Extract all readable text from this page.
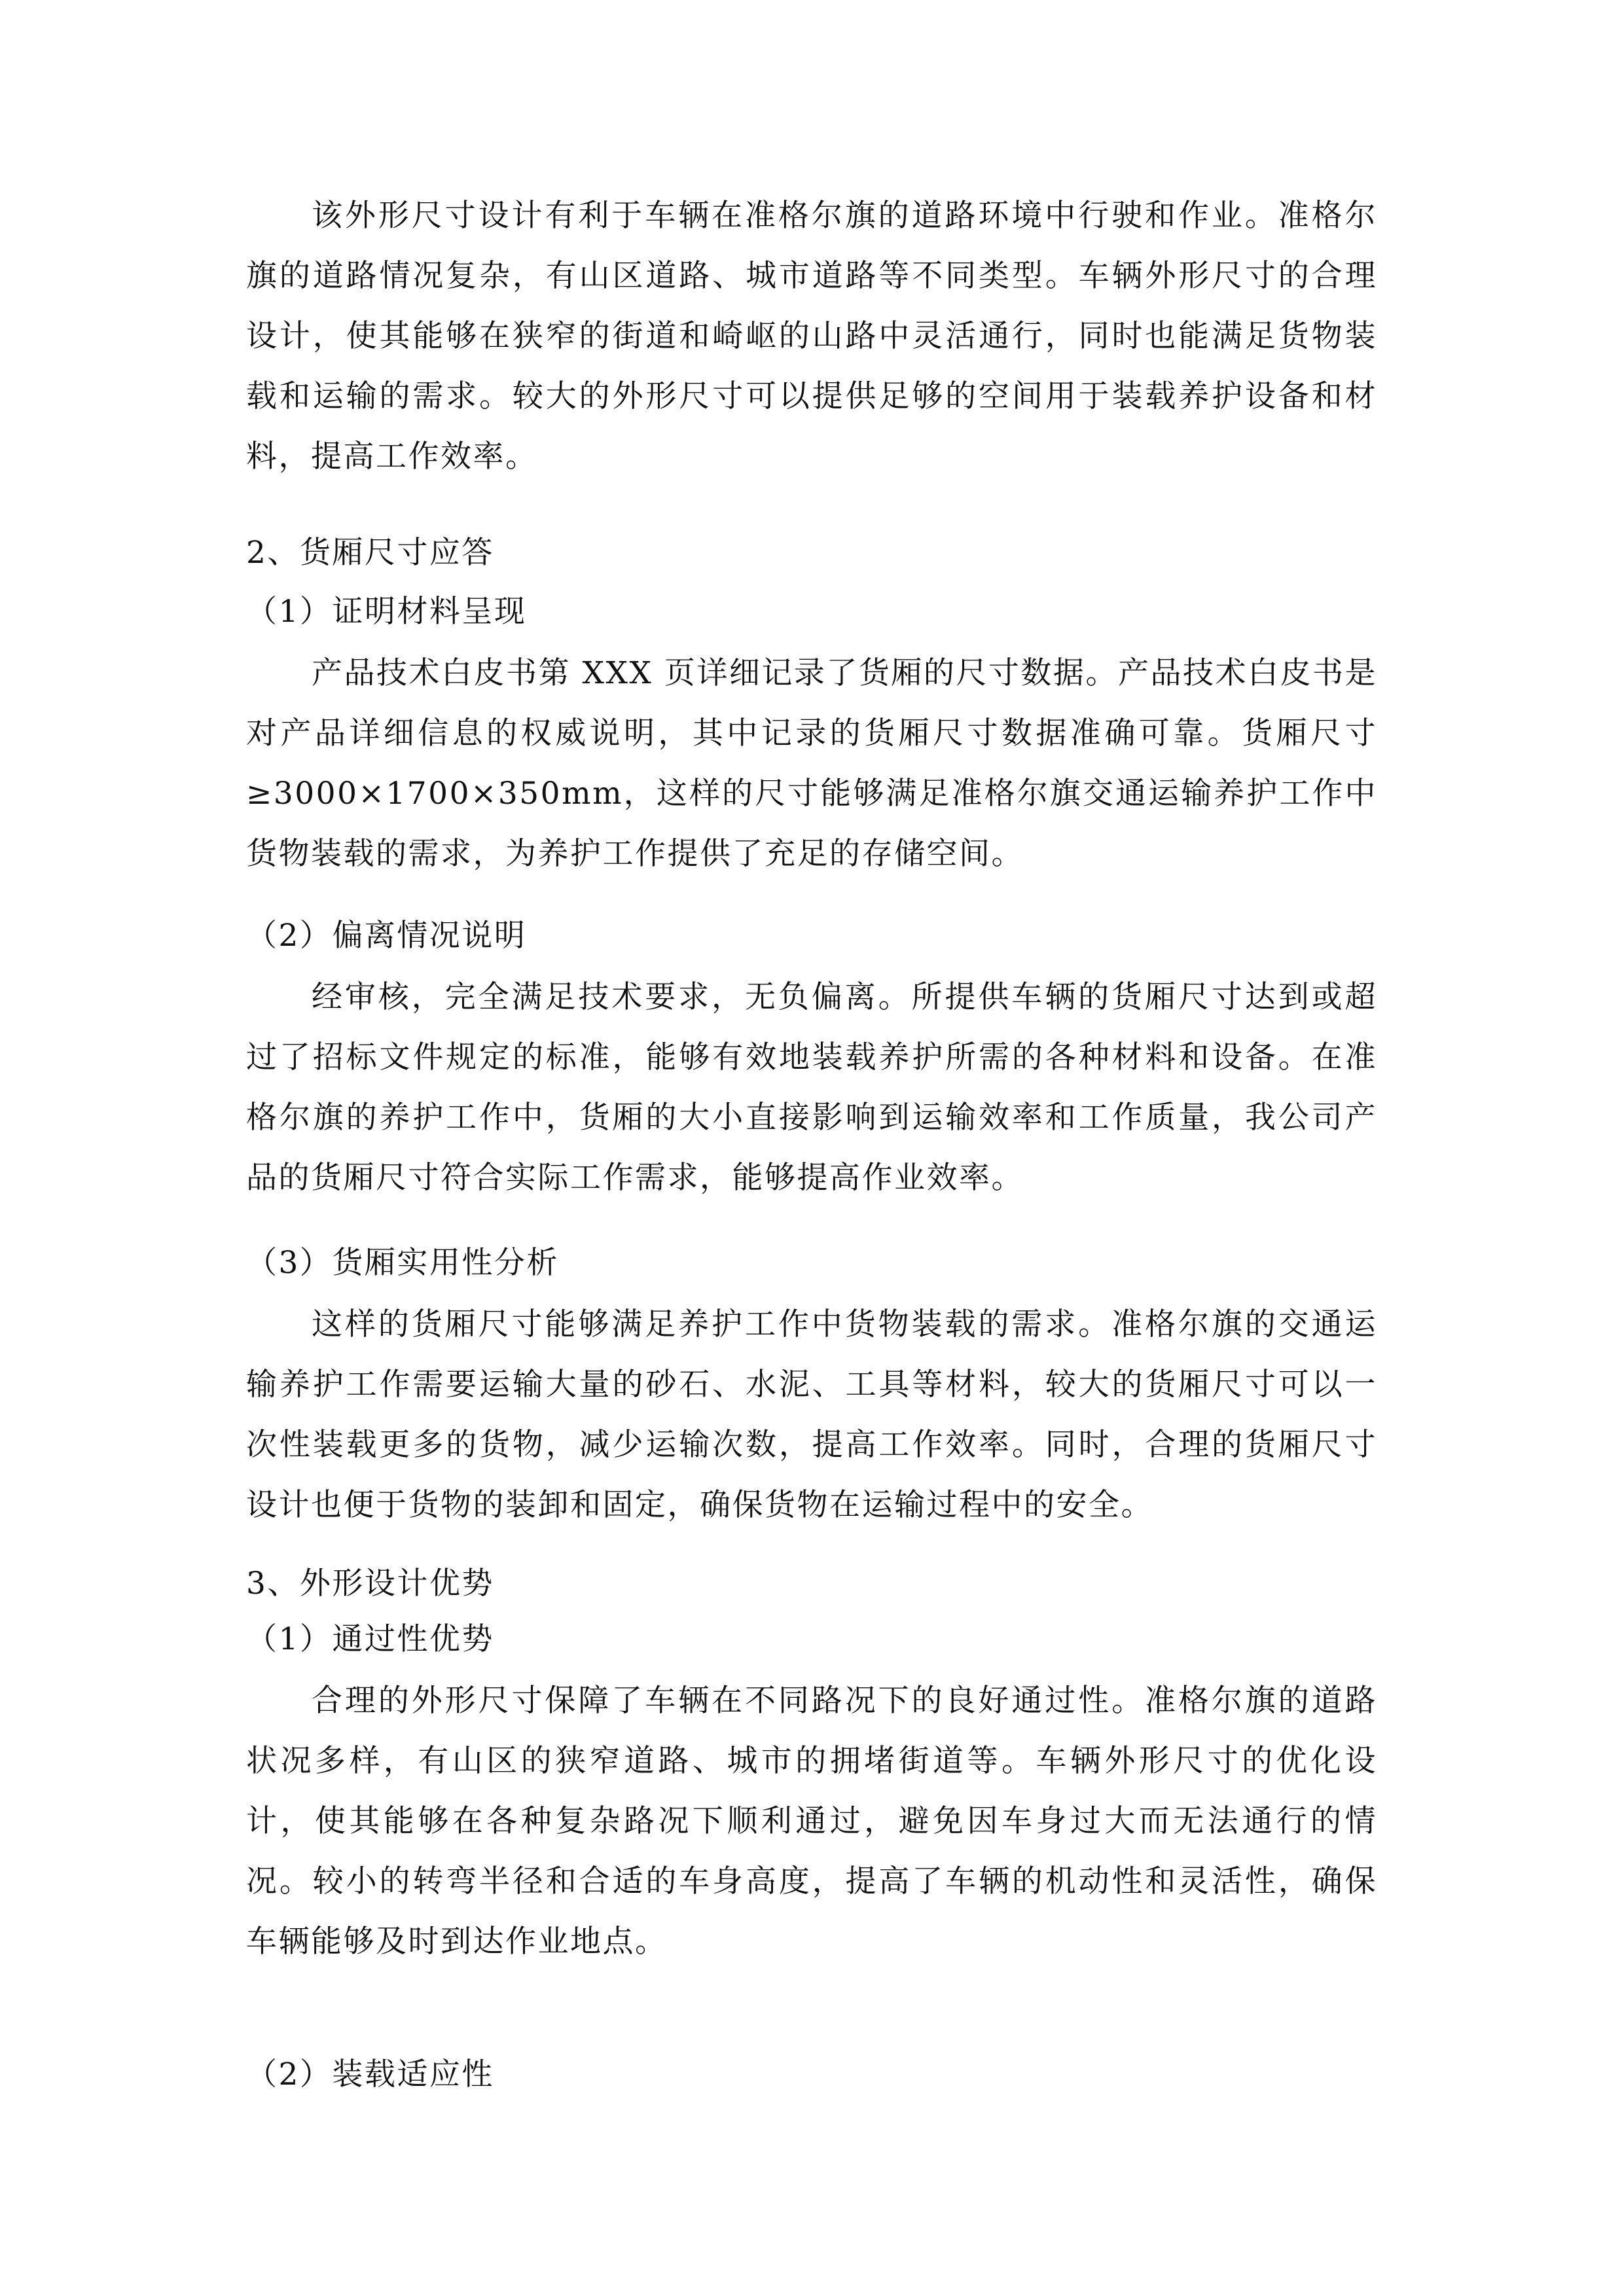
该外形尺寸设计有利于车辆在准格尔旗的道路环境中行驶和作业。准格尔旗的道路情况复杂，有山区道路、城市道路等不同类型。车辆外形尺寸的合理设计，使其能够在狭窄的街道和崎岖的山路中灵活通行，同时也能满足货物装载和运输的需求。较大的外形尺寸可以提供足够的空间用于装载养护设备和材料，提高工作效率。

2、货厢尺寸应答

（1）证明材料呈现

产品技术白皮书第 XXX 页详细记录了货厢的尺寸数据。产品技术白皮书是对产品详细信息的权威说明，其中记录的货厢尺寸数据准确可靠。货厢尺寸≥3000×1700×350mm，这样的尺寸能够满足准格尔旗交通运输养护工作中货物装载的需求，为养护工作提供了充足的存储空间。

（2）偏离情况说明

经审核，完全满足技术要求，无负偏离。所提供车辆的货厢尺寸达到或超过了招标文件规定的标准，能够有效地装载养护所需的各种材料和设备。在准格尔旗的养护工作中，货厢的大小直接影响到运输效率和工作质量，我公司产品的货厢尺寸符合实际工作需求，能够提高作业效率。

（3）货厢实用性分析

这样的货厢尺寸能够满足养护工作中货物装载的需求。准格尔旗的交通运输养护工作需要运输大量的砂石、水泥、工具等材料，较大的货厢尺寸可以一次性装载更多的货物，减少运输次数，提高工作效率。同时，合理的货厢尺寸设计也便于货物的装卸和固定，确保货物在运输过程中的安全。

3、外形设计优势

（1）通过性优势

合理的外形尺寸保障了车辆在不同路况下的良好通过性。准格尔旗的道路状况多样，有山区的狭窄道路、城市的拥堵街道等。车辆外形尺寸的优化设计，使其能够在各种复杂路况下顺利通过，避免因车身过大而无法通行的情况。较小的转弯半径和合适的车身高度，提高了车辆的机动性和灵活性，确保车辆能够及时到达作业地点。

（2）装载适应性
